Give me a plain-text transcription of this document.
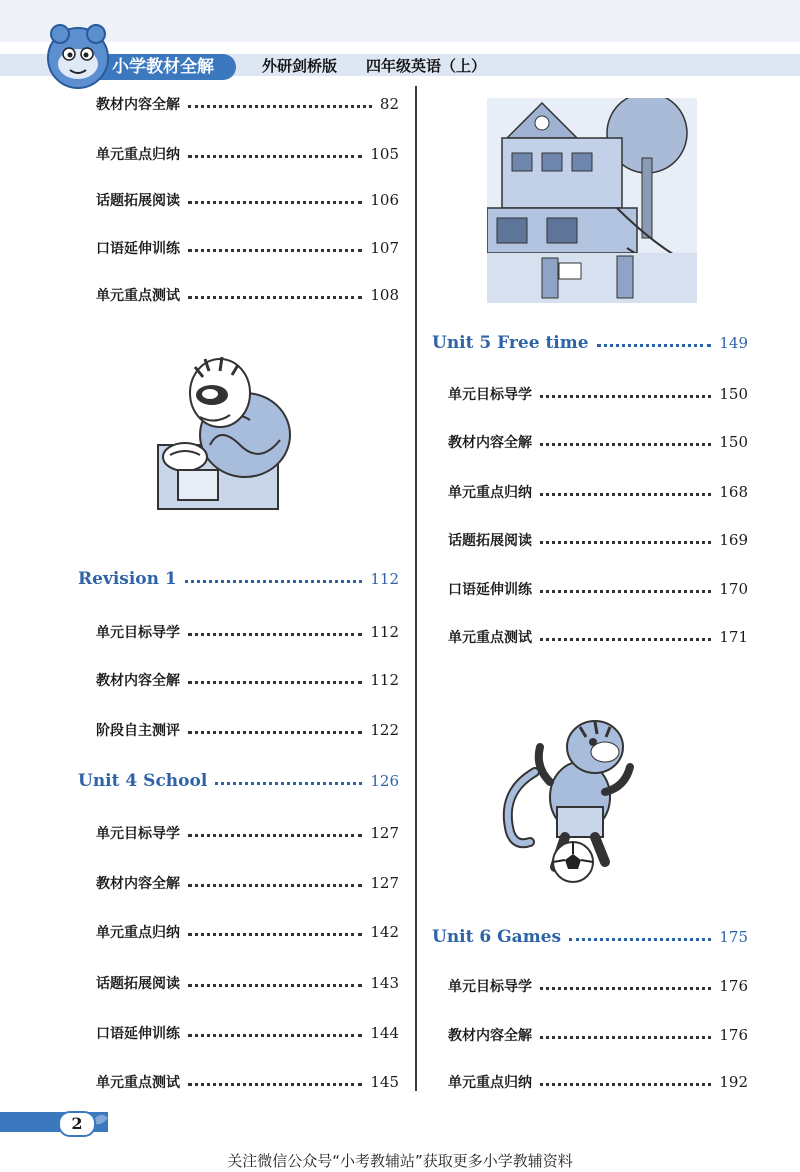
小学教材全解	外研剑桥版 四年级英语（上）
教材内容全解	82
单元重点归纳	105
话题拓展阅读	106
口语延伸训练	107
单元重点测试	108
Revision 1	112
单元目标导学	112
教材内容全解	112
阶段自主测评	122
Unit 4 School	126
单元目标导学	127
教材内容全解	127
单元重点归纳	142
话题拓展阅读	143
口语延伸训练	144
单元重点测试	145
Unit 5 Free time	149
单元目标导学	150
教材内容全解	150
单元重点归纳	168
话题拓展阅读	169
口语延伸训练	170
单元重点测试	171
Unit 6 Games	175
单元目标导学	176
教材内容全解	176
单元重点归纳	192
2
关注微信公众号“小考教辅站”获取更多小学教辅资料
